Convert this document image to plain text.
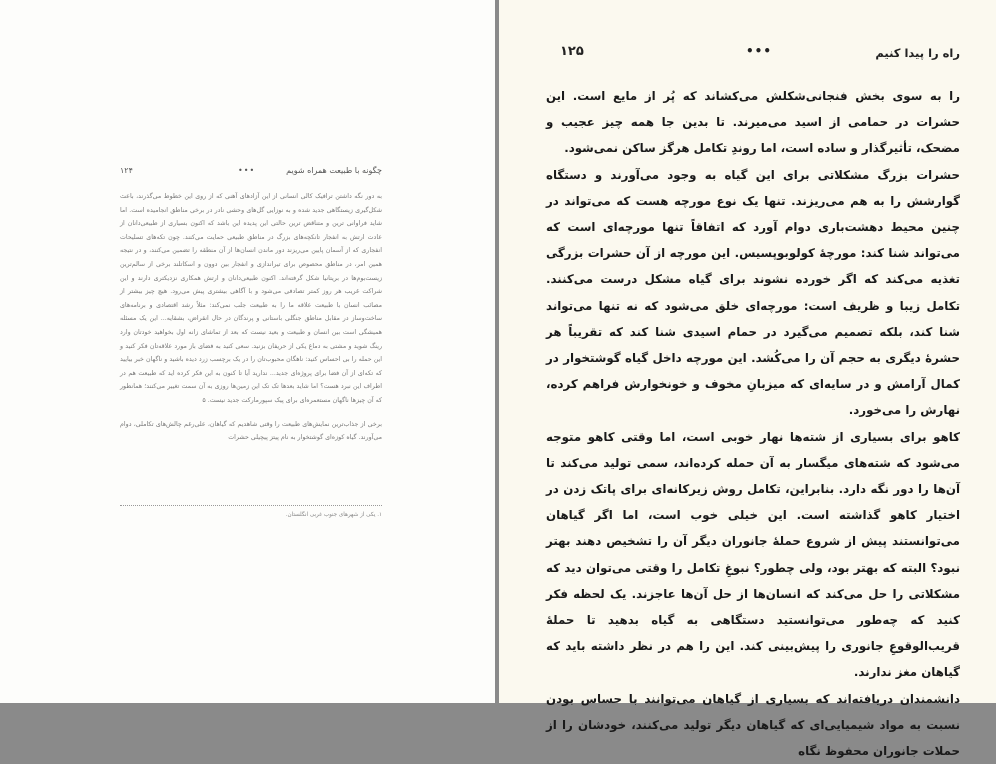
چگونه با طبیعت همراه شویم
•••
۱۲۴

به دور نگه داشتن ترافیک کالی انسانی از این آزادهای آهنی که از روی این خطوط می‌گذرند، باعث شکل‌گیری زیستگاهی جدید شده و به نوزایی گل‌های وحشی نادر در برخی مناطق انجامیده است. اما شاید فراوانی ترین و متناقض ترین حالتی این پدیده این باشد که اکنون بسیاری از طبیعی‌دانان از عادت ارتش به انفجار تانکچه‌های بزرگ در مناطق طبیعی حمایت می‌کنند. چون تکه‌های تسلیحات انفجاری که از آسمان پایین می‌ریزند دور ماندن انسان‌ها از آن منطقه را تضمین می‌کنند، و در نتیجه همین امر، در مناطق محصوص برای تیراندازی و انفجار بین دوون و اسکاتلند برخی از سالم‌ترین زیست‌بوم‌ها در بریتانیا شکل گرفته‌اند. اکنون طبیعی‌دانان و ارتش همکاری نزدیکتری دارند و این شراکت غریب هر روز کمتر تصادفی می‌شود و با آگاهی بیشتری پیش می‌رود. هیچ چیز بیشتر از مصائب انسان با طبیعت علاقه ما را به طبیعت جلب نمی‌کند: مثلاً رشد اقتصادی و برنامه‌های ساخت‌وساز در مقابل مناطق جنگلی باستانی و پرندگان در حال انقراض، بشقایه... این یک مسئله همیشگی است بین انسان و طبیعت و بعید نیست که بعد از تماشای زانه اول بخواهید خودتان وارد رینگ شوید و مشتی به دماغ یکی از حریفان بزنید. سعی کنید به فضای باز مورد علاقه‌تان فکر کنید و این حمله را بی احساس کنید: ناهگان محبوب‌تان را در یک برچسب زرد دیده باشید و ناگهان خبر بیایید که تکه‌ای از آن فضا برای پروژه‌ای جدید... ندارید آیا تا کنون به این فکر کرده اید که طبیعت هم در اطراف این نبرد هست؟ اما شاید بعدها تک تک این زمین‌ها روزی به آن سمت تغییر می‌کنند؛ همانطور که آن چیزها ناگهان مستعمره‌ای برای پیک سپورمارکت جدید نیست. ۵

برخی از جذاب‌ترین نمایش‌های طبیعت را وقتی شاهدیم که گیاهان، علی‌رغم چالش‌های تکاملی، دوام می‌آورند. گیاه کوزه‌ای گوشتخوار به نام پیتز پیچیلی حشرات

۱. یکی از شهرهای جنوب غربی انگلستان.
راه را پیدا کنیم
•••
۱۲۵

را به سوی بخش فنجانی‌شکلش می‌کشاند که پُر از مایع است. این حشرات در حمامی از اسید می‌میرند. تا بدین جا همه چیز عجیب و مضحک، تأثیرگذار و ساده است، اما روندِ تکامل هرگز ساکن نمی‌شود.

حشرات بزرگ مشکلاتی برای این گیاه به وجود می‌آورند و دستگاه گوارشش را به هم می‌ریزند. تنها یک نوع مورچه هست که می‌تواند در چنین محیط دهشت‌باری دوام آورد که اتفاقاً تنها مورچه‌ای است که می‌تواند شنا کند: مورچهٔ کولوبوپسیس. این مورچه از آن حشرات بزرگی تغذیه می‌کند که اگر خورده نشوند برای گیاه مشکل درست می‌کنند. تکامل زیبا و ظریف است: مورچه‌ای خلق می‌شود که نه تنها می‌تواند شنا کند، بلکه تصمیم می‌گیرد در حمام اسیدی شنا کند که تقریباً هر حشرهٔ دیگری به حجم آن را می‌کُشد. این مورچه داخل گیاه گوشتخوار در کمال آرامش و در سایه‌ای که میزبانِ مخوف و خونخوارش فراهم کرده، نهارش را می‌خورد.

کاهو برای بسیاری از شته‌ها نهار خوبی است، اما وقتی کاهو متوجه می‌شود که شته‌های میگسار به آن حمله کرده‌اند، سمی تولید می‌کند تا آن‌ها را دور نگه دارد. بنابراین، تکامل روش زیرکانه‌ای برای پاتک زدن در اختیار کاهو گذاشته است. این خیلی خوب است، اما اگر گیاهان می‌توانستند پیش از شروع حملهٔ جانوران دیگر آن را تشخیص دهند بهتر نبود؟ البته که بهتر بود، ولی چطور؟ نبوغِ تکامل را وقتی می‌توان دید که مشکلاتی را حل می‌کند که انسان‌ها از حل آن‌ها عاجزند. یک لحظه فکر کنید که چه‌طور می‌توانستید دستگاهی به گیاه بدهید تا حملهٔ قریب‌الوقوعِ جانوری را پیش‌بینی کند. این را هم در نظر داشته باید که گیاهان مغز ندارند.

دانشمندان دریافته‌اند که بسیاری از گیاهان می‌توانند با حساس بودن نسبت به مواد شیمیایی‌ای که گیاهان دیگر تولید می‌کنند، خودشان را از حملات جانوران محفوظ نگاه
